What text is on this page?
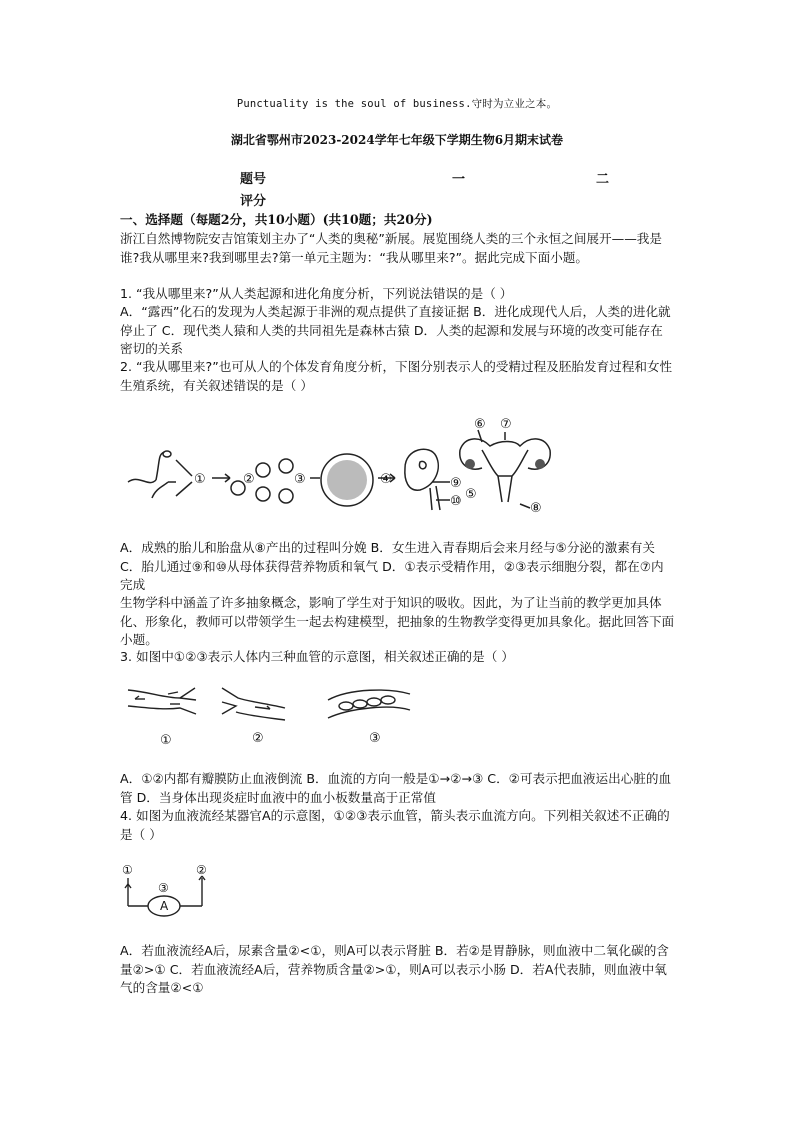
Punctuality is the soul of business.守时为立业之本。
湖北省鄂州市2023-2024学年七年级下学期生物6月期末试卷
题号	一	二
评分
一、选择题（每题2分，共10小题）(共10题；共20分)
浙江自然博物院安吉馆策划主办了“人类的奥秘”新展。展览围绕人类的三个永恒之间展开——我是谁?我从哪里来?我到哪里去?第一单元主题为：“我从哪里来?”。据此完成下面小题。
1. “我从哪里来?”从人类起源和进化角度分析，下列说法错误的是（ ）
A．“露西”化石的发现为人类起源于非洲的观点提供了直接证据 B．进化成现代人后，人类的进化就停止了 C．现代类人猿和人类的共同祖先是森林古猿 D．人类的起源和发展与环境的改变可能存在密切的关系
2. “我从哪里来?”也可从人的个体发育角度分析，下图分别表示人的受精过程及胚胎发育过程和女性生殖系统，有关叙述错误的是（ ）
①	②	③	④
⑤
⑥ ⑦
⑧
⑨
⑩
A．成熟的胎儿和胎盘从⑧产出的过程叫分娩 B．女生进入青春期后会来月经与⑤分泌的激素有关 C．胎儿通过⑨和⑩从母体获得营养物质和氧气 D．①表示受精作用，②③表示细胞分裂，都在⑦内完成
生物学科中涵盖了许多抽象概念，影响了学生对于知识的吸收。因此，为了让当前的教学更加具体化、形象化，教师可以带领学生一起去构建模型，把抽象的生物教学变得更加具象化。据此回答下面小题。
3. 如图中①②③表示人体内三种血管的示意图，相关叙述正确的是（ ）
①	②	③
A．①②内都有瓣膜防止血液倒流 B．血流的方向一般是①→②→③ C．②可表示把血液运出心脏的血管 D．当身体出现炎症时血液中的血小板数量高于正常值
4. 如图为血液流经某器官A的示意图，①②③表示血管，箭头表示血流方向。下列相关叙述不正确的是（ ）
①	②
③
A
A．若血液流经A后，尿素含量②<①，则A可以表示肾脏 B．若②是胃静脉，则血液中二氧化碳的含量②>① C．若血液流经A后，营养物质含量②>①，则A可以表示小肠 D．若A代表肺，则血液中氧气的含量②<①
